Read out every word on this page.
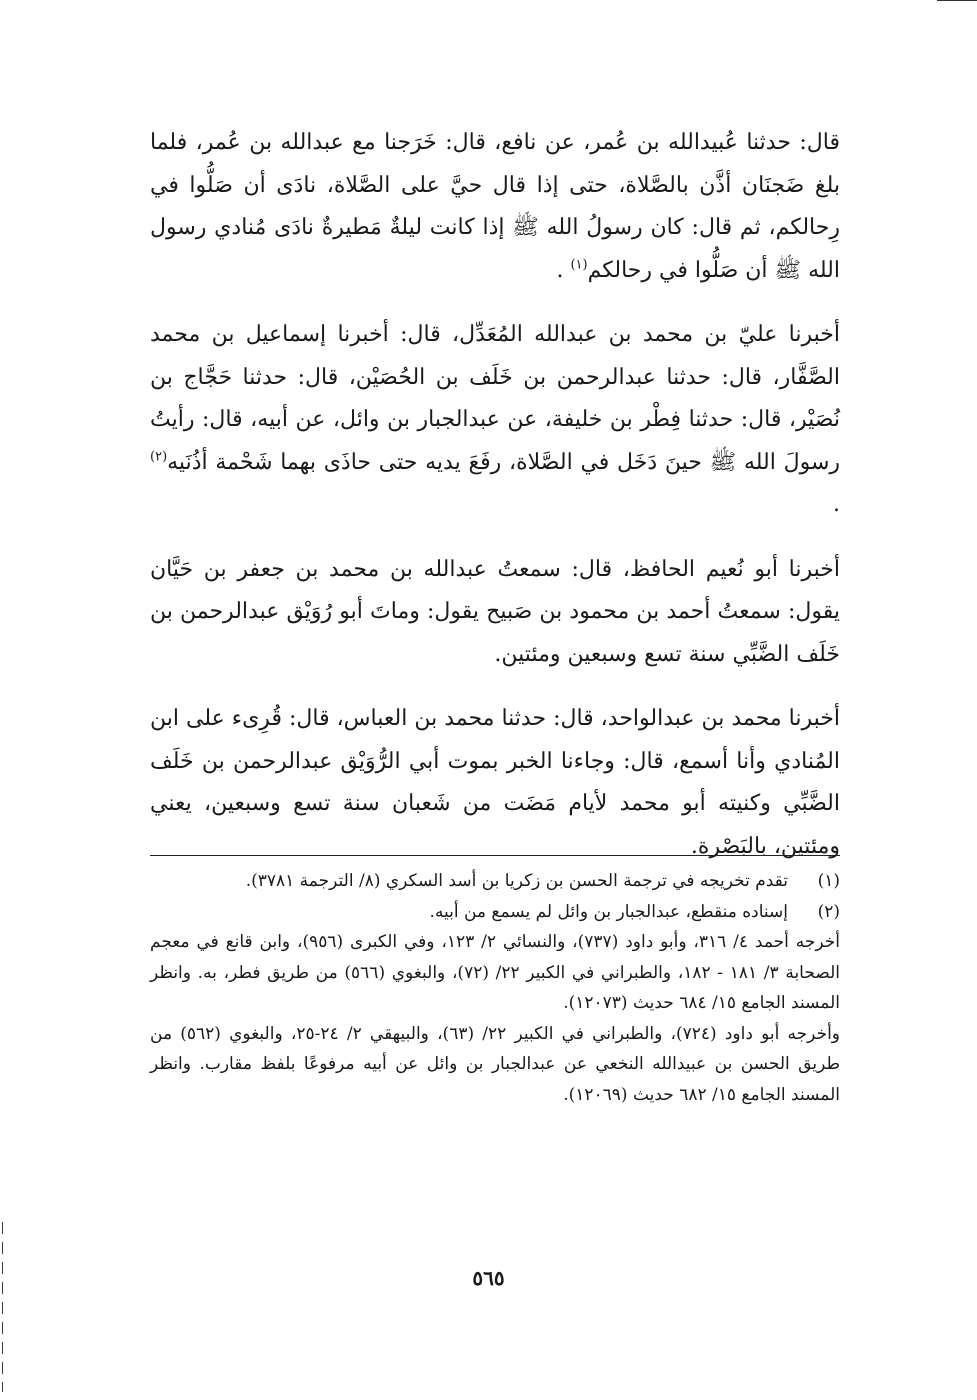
قال: حدثنا عُبيدالله بن عُمر، عن نافع، قال: خَرَجنا مع عبدالله بن عُمر، فلما بلغ ضَجنَان أذَّن بالصَّلاة، حتى إذا قال حيَّ على الصَّلاة، نادَى أن صَلُّوا في رِحالكم، ثم قال: كان رسولُ الله ﷺ إذا كانت ليلةٌ مَطيرةٌ نادَى مُنادي رسول الله ﷺ أن صَلُّوا في رحالكم$^{(١)}$ .

أخبرنا عليّ بن محمد بن عبدالله المُعَدِّل، قال: أخبرنا إسماعيل بن محمد الصَّفَّار، قال: حدثنا عبدالرحمن بن خَلَف بن الحُصَيْن، قال: حدثنا حَجَّاج بن نُصَيْر، قال: حدثنا فِطْر بن خليفة، عن عبدالجبار بن وائل، عن أبيه، قال: رأيتُ رسولَ الله ﷺ حينَ دَخَل في الصَّلاة، رفَعَ يديه حتى حاذَى بهما شَحْمة أذُنَيه$^{(٢)}$ .

أخبرنا أبو نُعيم الحافظ، قال: سمعتُ عبدالله بن محمد بن جعفر بن حَيَّان يقول: سمعتُ أحمد بن محمود بن صَبيح يقول: وماتَ أبو رُوَيْق عبدالرحمن بن خَلَف الضَّبِّي سنة تسع وسبعين ومئتين.

أخبرنا محمد بن عبدالواحد، قال: حدثنا محمد بن العباس، قال: قُرِىء على ابن المُنادي وأنا أسمع، قال: وجاءنا الخبر بموت أبي الرُّوَيْق عبدالرحمن بن خَلَف الضَّبِّي وكنيته أبو محمد لأيام مَضَت من شَعبان سنة تسع وسبعين، يعني ومئتين، بالبَصْرة.

(١)
تقدم تخريجه في ترجمة الحسن بن زكريا بن أسد السكري (٨/ الترجمة ٣٧٨١).
(٢)
إسناده منقطع، عبدالجبار بن وائل لم يسمع من أبيه.

أخرجه أحمد ٤/ ٣١٦، وأبو داود (٧٣٧)، والنسائي ٢/ ١٢٣، وفي الكبرى (٩٥٦)، وابن قانع في معجم الصحابة ٣/ ١٨١ - ١٨٢، والطبراني في الكبير ٢٢/ (٧٢)، والبغوي (٥٦٦) من طريق فطر، به. وانظر المسند الجامع ١٥/ ٦٨٤ حديث (١٢٠٧٣).

وأخرجه أبو داود (٧٢٤)، والطبراني في الكبير ٢٢/ (٦٣)، والبيهقي ٢/ ٢٤-٢٥، والبغوي (٥٦٢) من طريق الحسن بن عبيدالله النخعي عن عبدالجبار بن وائل عن أبيه مرفوعًا بلفظ مقارب. وانظر المسند الجامع ١٥/ ٦٨٢ حديث (١٢٠٦٩).

٥٦٥
